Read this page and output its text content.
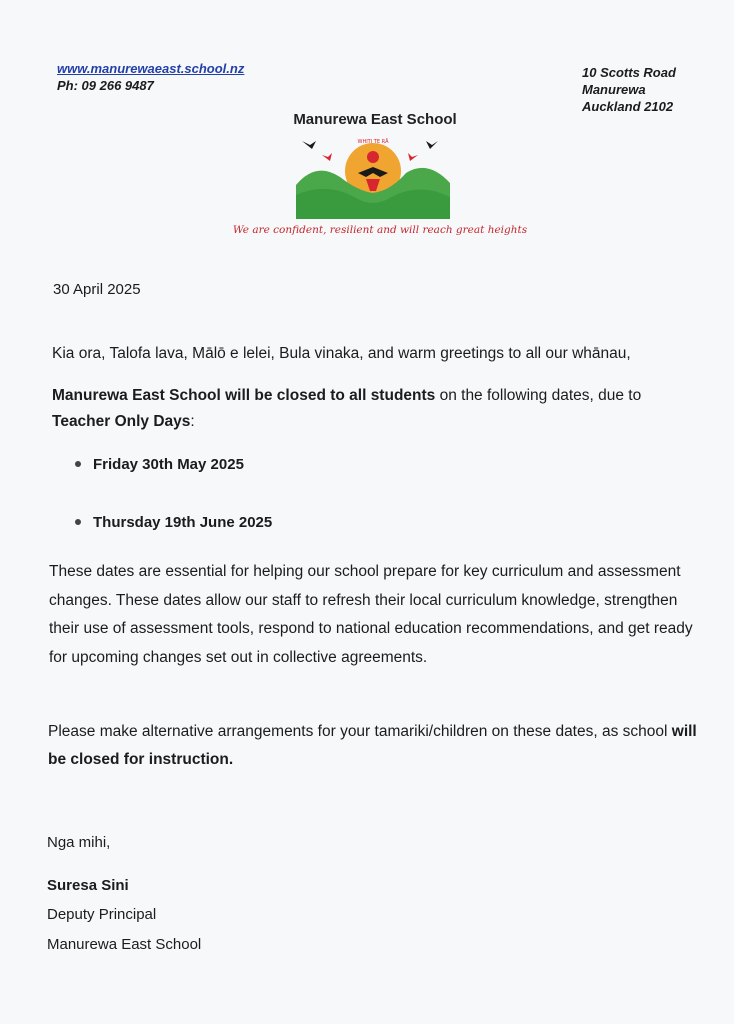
www.manurewaeast.school.nz
Ph: 09 266 9487
10 Scotts Road
Manurewa
Auckland 2102
Manurewa East School
WHITI TE RĀ
We are confident, resilient and will reach great heights
30 April 2025
Kia ora, Talofa lava, Mālō e lelei, Bula vinaka, and warm greetings to all our whānau,
Manurewa East School will be closed to all students on the following dates, due to Teacher Only Days:
Friday 30th May 2025
Thursday 19th June 2025
These dates are essential for helping our school prepare for key curriculum and assessment changes. These dates allow our staff to refresh their local curriculum knowledge, strengthen their use of assessment tools, respond to national education recommendations, and get ready for upcoming changes set out in collective agreements.
Please make alternative arrangements for your tamariki/children on these dates, as school will be closed for instruction.
Nga mihi,
Suresa Sini
Deputy Principal
Manurewa East School
